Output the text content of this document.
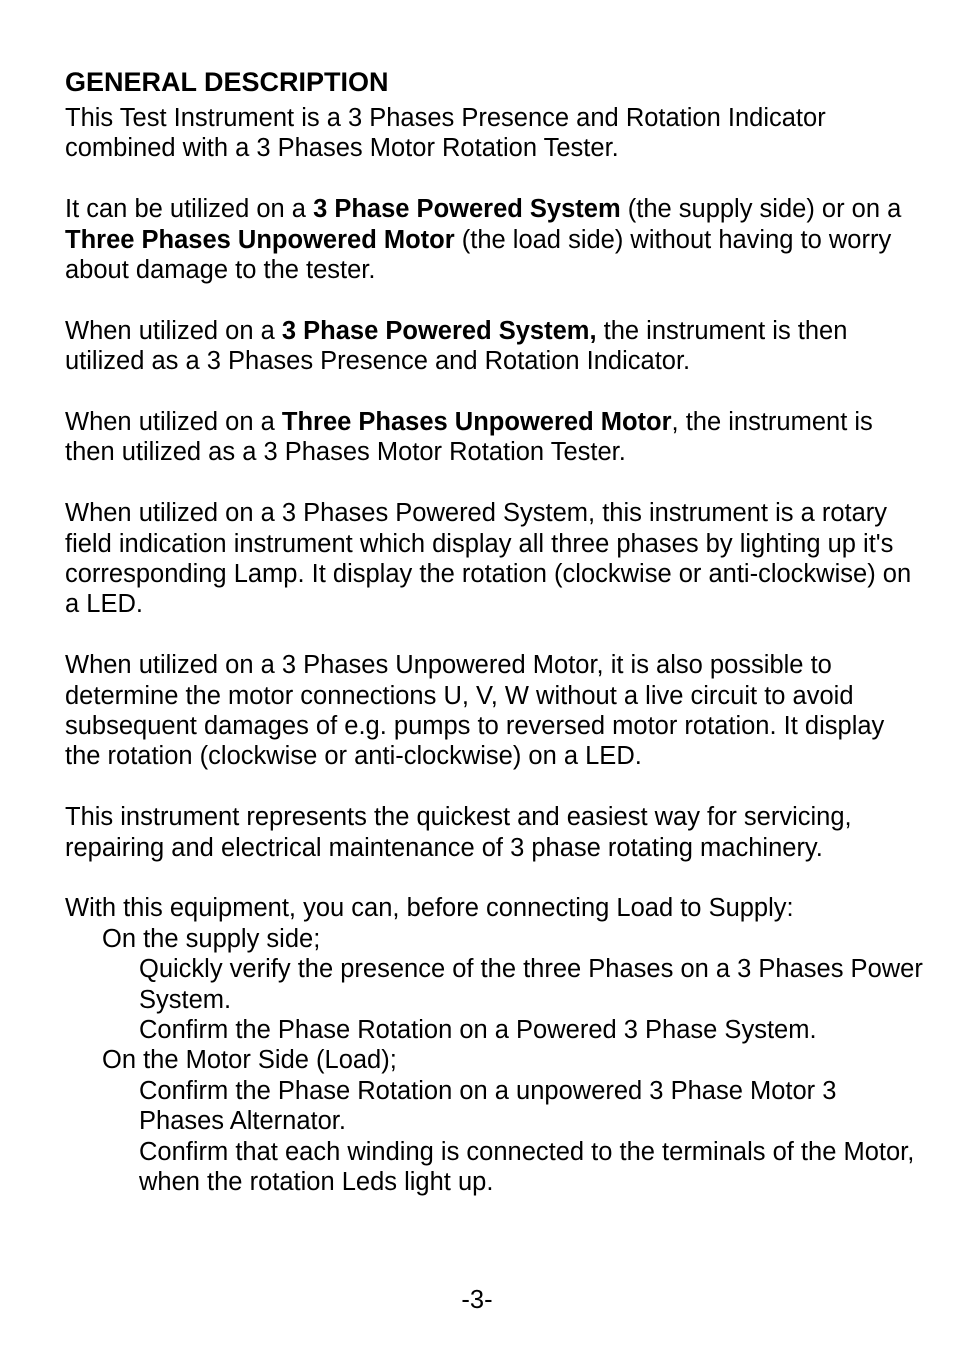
GENERAL DESCRIPTION

This Test Instrument is a 3 Phases Presence and Rotation Indicator combined with a 3 Phases Motor Rotation Tester.

It can be utilized on a 3 Phase Powered System (the supply side) or on a Three Phases Unpowered Motor (the load side) without having to worry about damage to the tester.

When utilized on a 3 Phase Powered System, the instrument is then utilized as a 3 Phases Presence and Rotation Indicator.

When utilized on a Three Phases Unpowered Motor, the instrument is then utilized as a 3 Phases Motor Rotation Tester.

When utilized on a 3 Phases Powered System, this instrument is a rotary field indication instrument which display all three phases by lighting up it's corresponding Lamp. It display the rotation (clockwise or anti-clockwise) on a LED.

When utilized on a 3 Phases Unpowered Motor, it is also possible to determine the motor connections U, V, W without a live circuit to avoid subsequent damages of e.g. pumps to reversed motor rotation. It display the rotation (clockwise or anti-clockwise) on a LED.

This instrument represents the quickest and easiest way for servicing, repairing and electrical maintenance of 3 phase rotating machinery.

With this equipment, you can, before connecting Load to Supply:
On the supply side;
Quickly verify the presence of the three Phases on a 3 Phases Power System.
Confirm the Phase Rotation on a Powered 3 Phase System.
On the Motor Side (Load);
Confirm the Phase Rotation on a unpowered 3 Phase Motor 3 Phases Alternator.
Confirm that each winding is connected to the terminals of the Motor, when the rotation Leds light up.
-3-
